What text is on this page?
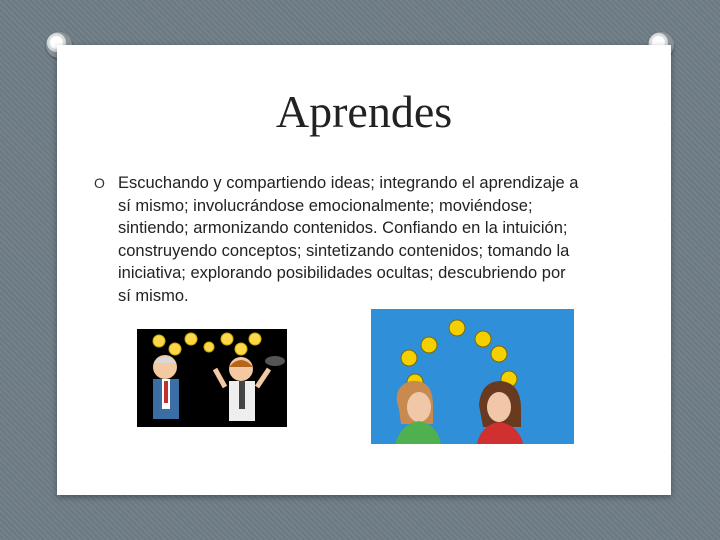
Aprendes
O Escuchando y compartiendo ideas; integrando el aprendizaje a sí mismo; involucrándose emocionalmente; moviéndose; sintiendo; armonizando contenidos. Confiando en la intuición; construyendo conceptos; sintetizando contenidos; tomando la iniciativa; explorando posibilidades ocultas; descubriendo por sí mismo.
